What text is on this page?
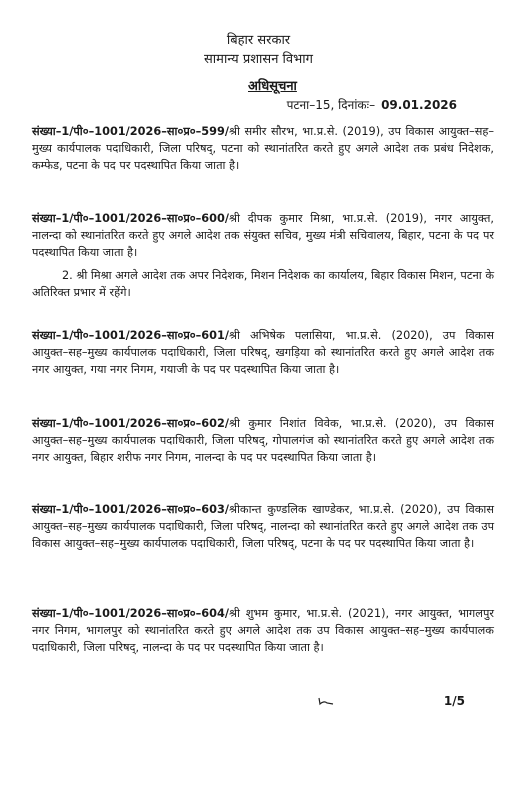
बिहार सरकार
सामान्य प्रशासन विभाग
अधिसूचना
पटना–15, दिनांकः– 09.01.2026
संख्या–1/पी०–1001/2026–सा०प्र०–599/श्री समीर सौरभ, भा.प्र.से. (2019), उप विकास आयुक्त–सह–मुख्य कार्यपालक पदाधिकारी, जिला परिषद्, पटना को स्थानांतरित करते हुए अगले आदेश तक प्रबंध निदेशक, कम्फेड, पटना के पद पर पदस्थापित किया जाता है।
संख्या–1/पी०–1001/2026–सा०प्र०–600/श्री दीपक कुमार मिश्रा, भा.प्र.से. (2019), नगर आयुक्त, नालन्दा को स्थानांतरित करते हुए अगले आदेश तक संयुक्त सचिव, मुख्य मंत्री सचिवालय, बिहार, पटना के पद पर पदस्थापित किया जाता है।
2. श्री मिश्रा अगले आदेश तक अपर निदेशक, मिशन निदेशक का कार्यालय, बिहार विकास मिशन, पटना के अतिरिक्त प्रभार में रहेंगे।
संख्या–1/पी०–1001/2026–सा०प्र०–601/श्री अभिषेक पलासिया, भा.प्र.से. (2020), उप विकास आयुक्त–सह–मुख्य कार्यपालक पदाधिकारी, जिला परिषद्, खगड़िया को स्थानांतरित करते हुए अगले आदेश तक नगर आयुक्त, गया नगर निगम, गयाजी के पद पर पदस्थापित किया जाता है।
संख्या–1/पी०–1001/2026–सा०प्र०–602/श्री कुमार निशांत विवेक, भा.प्र.से. (2020), उप विकास आयुक्त–सह–मुख्य कार्यपालक पदाधिकारी, जिला परिषद्, गोपालगंज को स्थानांतरित करते हुए अगले आदेश तक नगर आयुक्त, बिहार शरीफ नगर निगम, नालन्दा के पद पर पदस्थापित किया जाता है।
संख्या–1/पी०–1001/2026–सा०प्र०–603/श्रीकान्त कुण्डलिक खाण्डेकर, भा.प्र.से. (2020), उप विकास आयुक्त–सह–मुख्य कार्यपालक पदाधिकारी, जिला परिषद्, नालन्दा को स्थानांतरित करते हुए अगले आदेश तक उप विकास आयुक्त–सह–मुख्य कार्यपालक पदाधिकारी, जिला परिषद्, पटना के पद पर पदस्थापित किया जाता है।
संख्या–1/पी०–1001/2026–सा०प्र०–604/श्री शुभम कुमार, भा.प्र.से. (2021), नगर आयुक्त, भागलपुर नगर निगम, भागलपुर को स्थानांतरित करते हुए अगले आदेश तक उप विकास आयुक्त–सह–मुख्य कार्यपालक पदाधिकारी, जिला परिषद्, नालन्दा के पद पर पदस्थापित किया जाता है।
1/5
